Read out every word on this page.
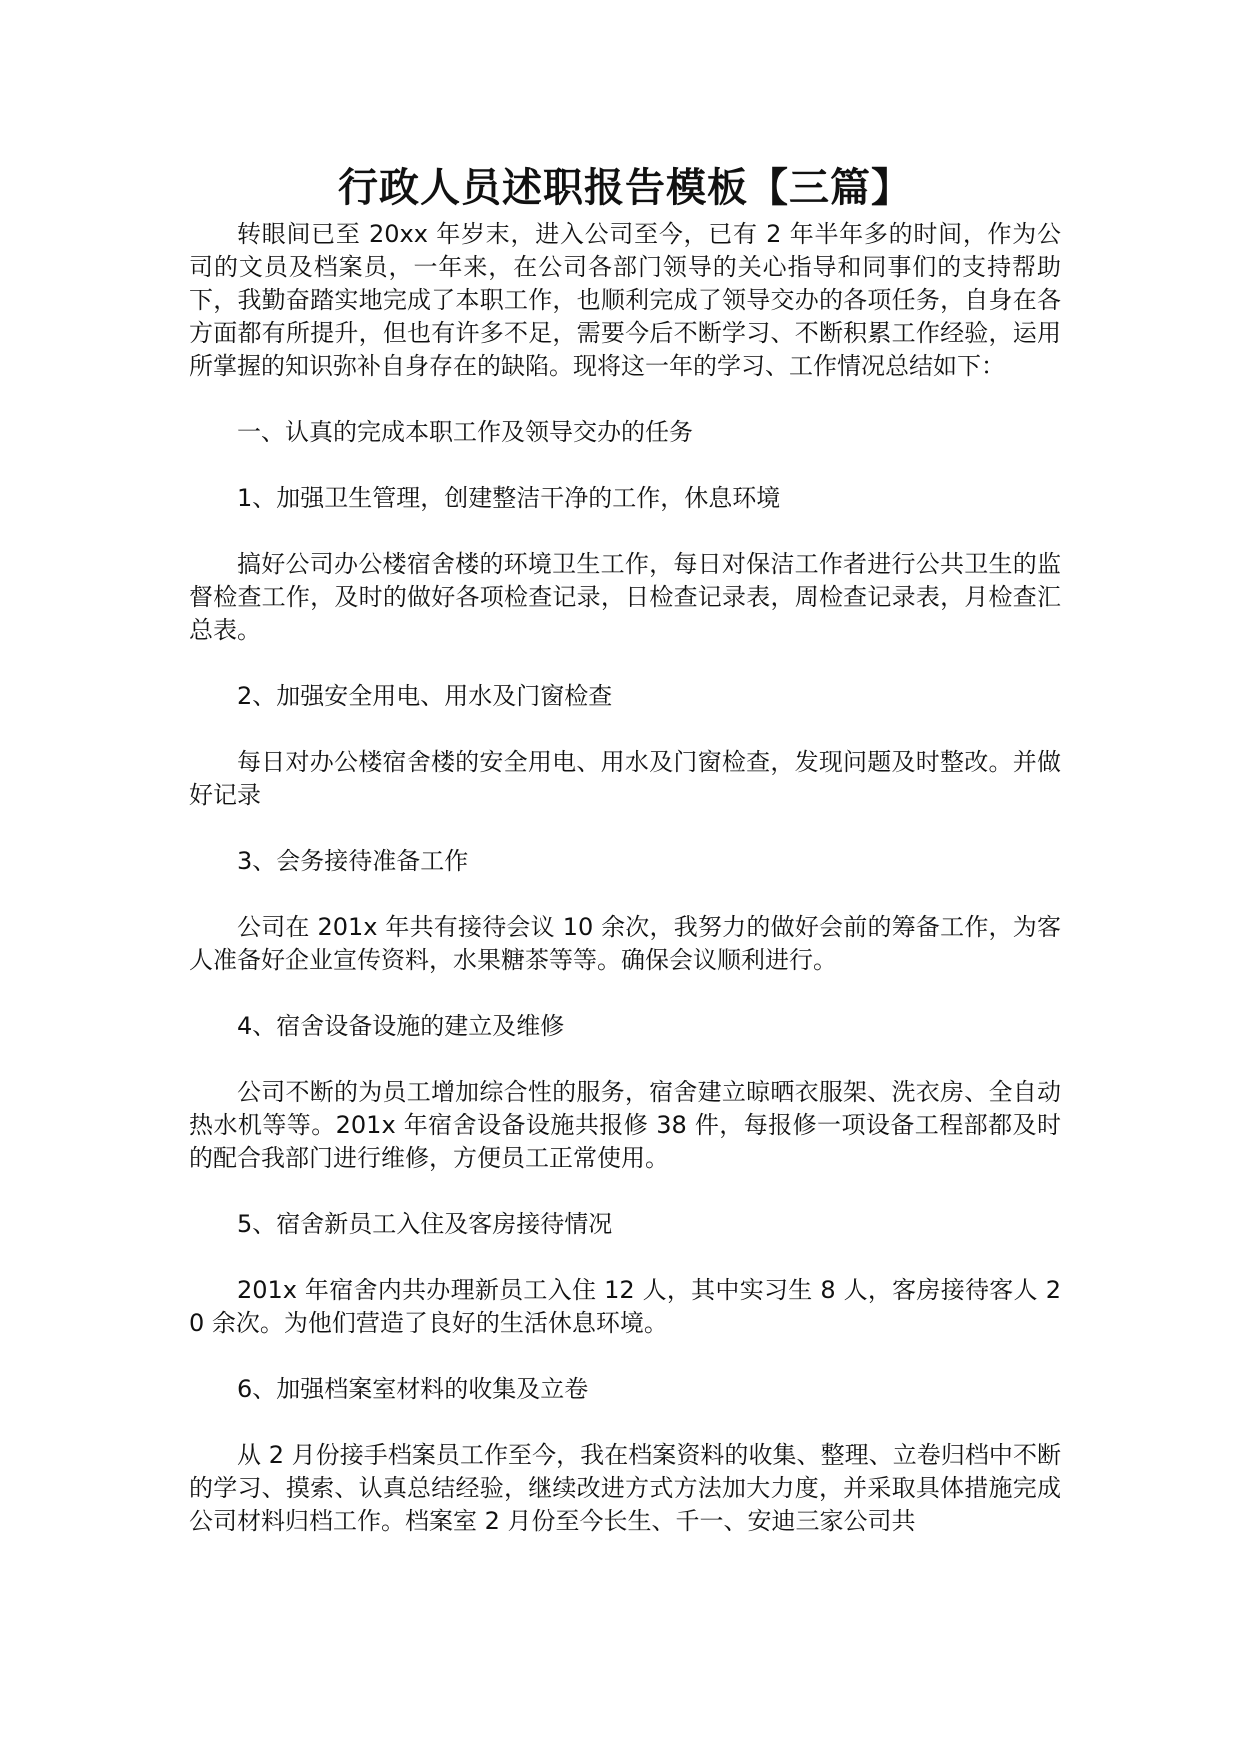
行政人员述职报告模板【三篇】

转眼间已至 20xx 年岁末，进入公司至今，已有 2 年半年多的时间，作为公司的文员及档案员，一年来，在公司各部门领导的关心指导和同事们的支持帮助下，我勤奋踏实地完成了本职工作，也顺利完成了领导交办的各项任务，自身在各方面都有所提升，但也有许多不足，需要今后不断学习、不断积累工作经验，运用所掌握的知识弥补自身存在的缺陷。现将这一年的学习、工作情况总结如下：

一、认真的完成本职工作及领导交办的任务

1、加强卫生管理，创建整洁干净的工作，休息环境

搞好公司办公楼宿舍楼的环境卫生工作，每日对保洁工作者进行公共卫生的监督检查工作，及时的做好各项检查记录，日检查记录表，周检查记录表，月检查汇总表。

2、加强安全用电、用水及门窗检查

每日对办公楼宿舍楼的安全用电、用水及门窗检查，发现问题及时整改。并做好记录

3、会务接待准备工作

公司在 201x 年共有接待会议 10 余次，我努力的做好会前的筹备工作，为客人准备好企业宣传资料，水果糖茶等等。确保会议顺利进行。

4、宿舍设备设施的建立及维修

公司不断的为员工增加综合性的服务，宿舍建立晾晒衣服架、洗衣房、全自动热水机等等。201x 年宿舍设备设施共报修 38 件，每报修一项设备工程部都及时的配合我部门进行维修，方便员工正常使用。

5、宿舍新员工入住及客房接待情况

201x 年宿舍内共办理新员工入住 12 人，其中实习生 8 人，客房接待客人 20 余次。为他们营造了良好的生活休息环境。

6、加强档案室材料的收集及立卷

从 2 月份接手档案员工作至今，我在档案资料的收集、整理、立卷归档中不断的学习、摸索、认真总结经验，继续改进方式方法加大力度，并采取具体措施完成公司材料归档工作。档案室 2 月份至今长生、千一、安迪三家公司共
